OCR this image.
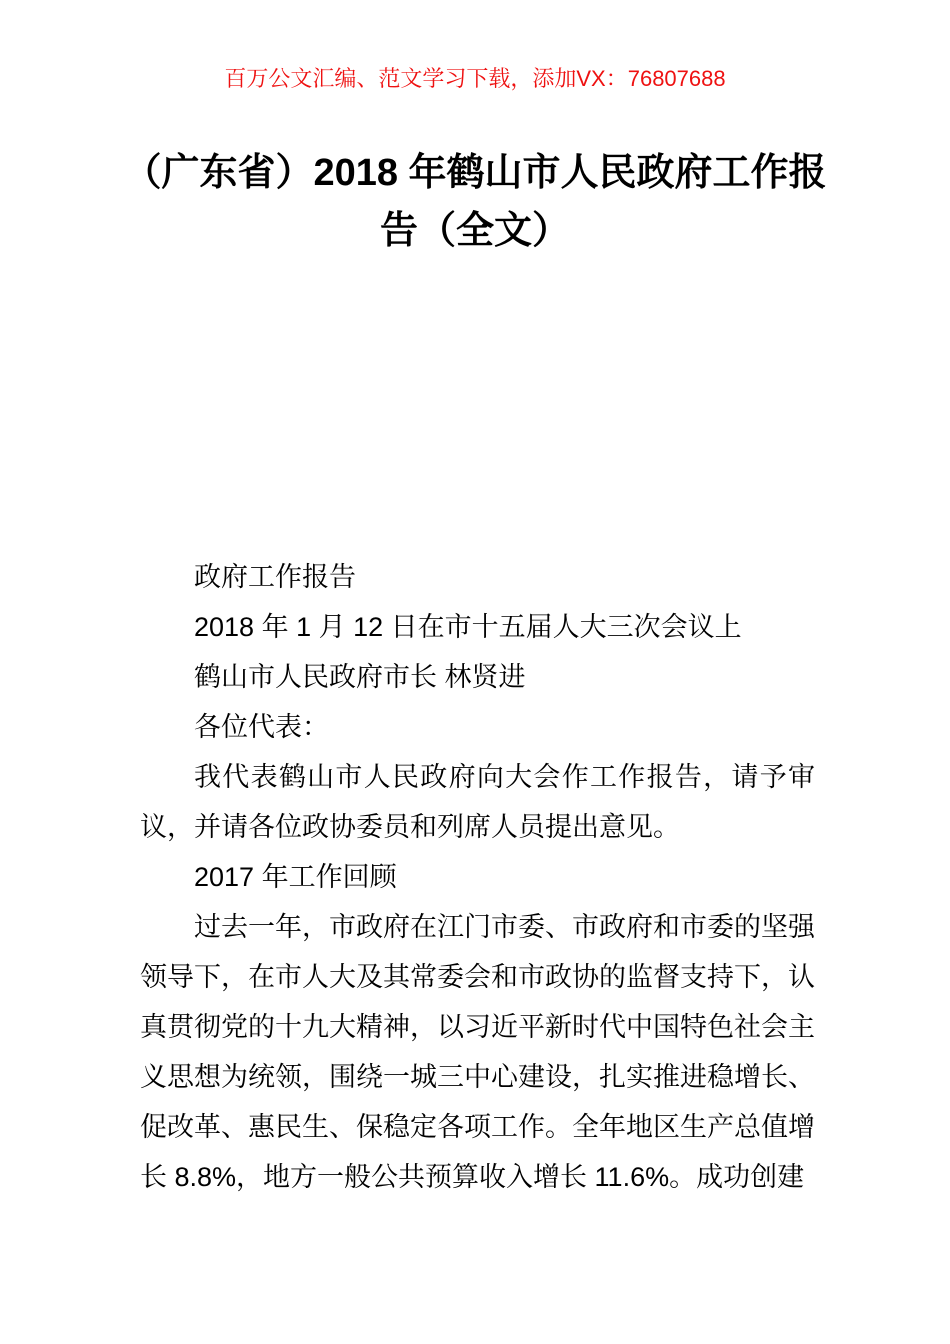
百万公文汇编、范文学习下载，添加VX：76807688
（广东省）2018 年鹤山市人民政府工作报
告（全文）

政府工作报告

2018 年 1 月 12 日在市十五届人大三次会议上

鹤山市人民政府市长 林贤进

各位代表：

我代表鹤山市人民政府向大会作工作报告，请予审议，并请各位政协委员和列席人员提出意见。

2017 年工作回顾

过去一年，市政府在江门市委、市政府和市委的坚强领导下，在市人大及其常委会和市政协的监督支持下，认真贯彻党的十九大精神，以习近平新时代中国特色社会主义思想为统领，围绕一城三中心建设，扎实推进稳增长、促改革、惠民生、保稳定各项工作。全年地区生产总值增长 8.8%，地方一般公共预算收入增长 11.6%。成功创建
